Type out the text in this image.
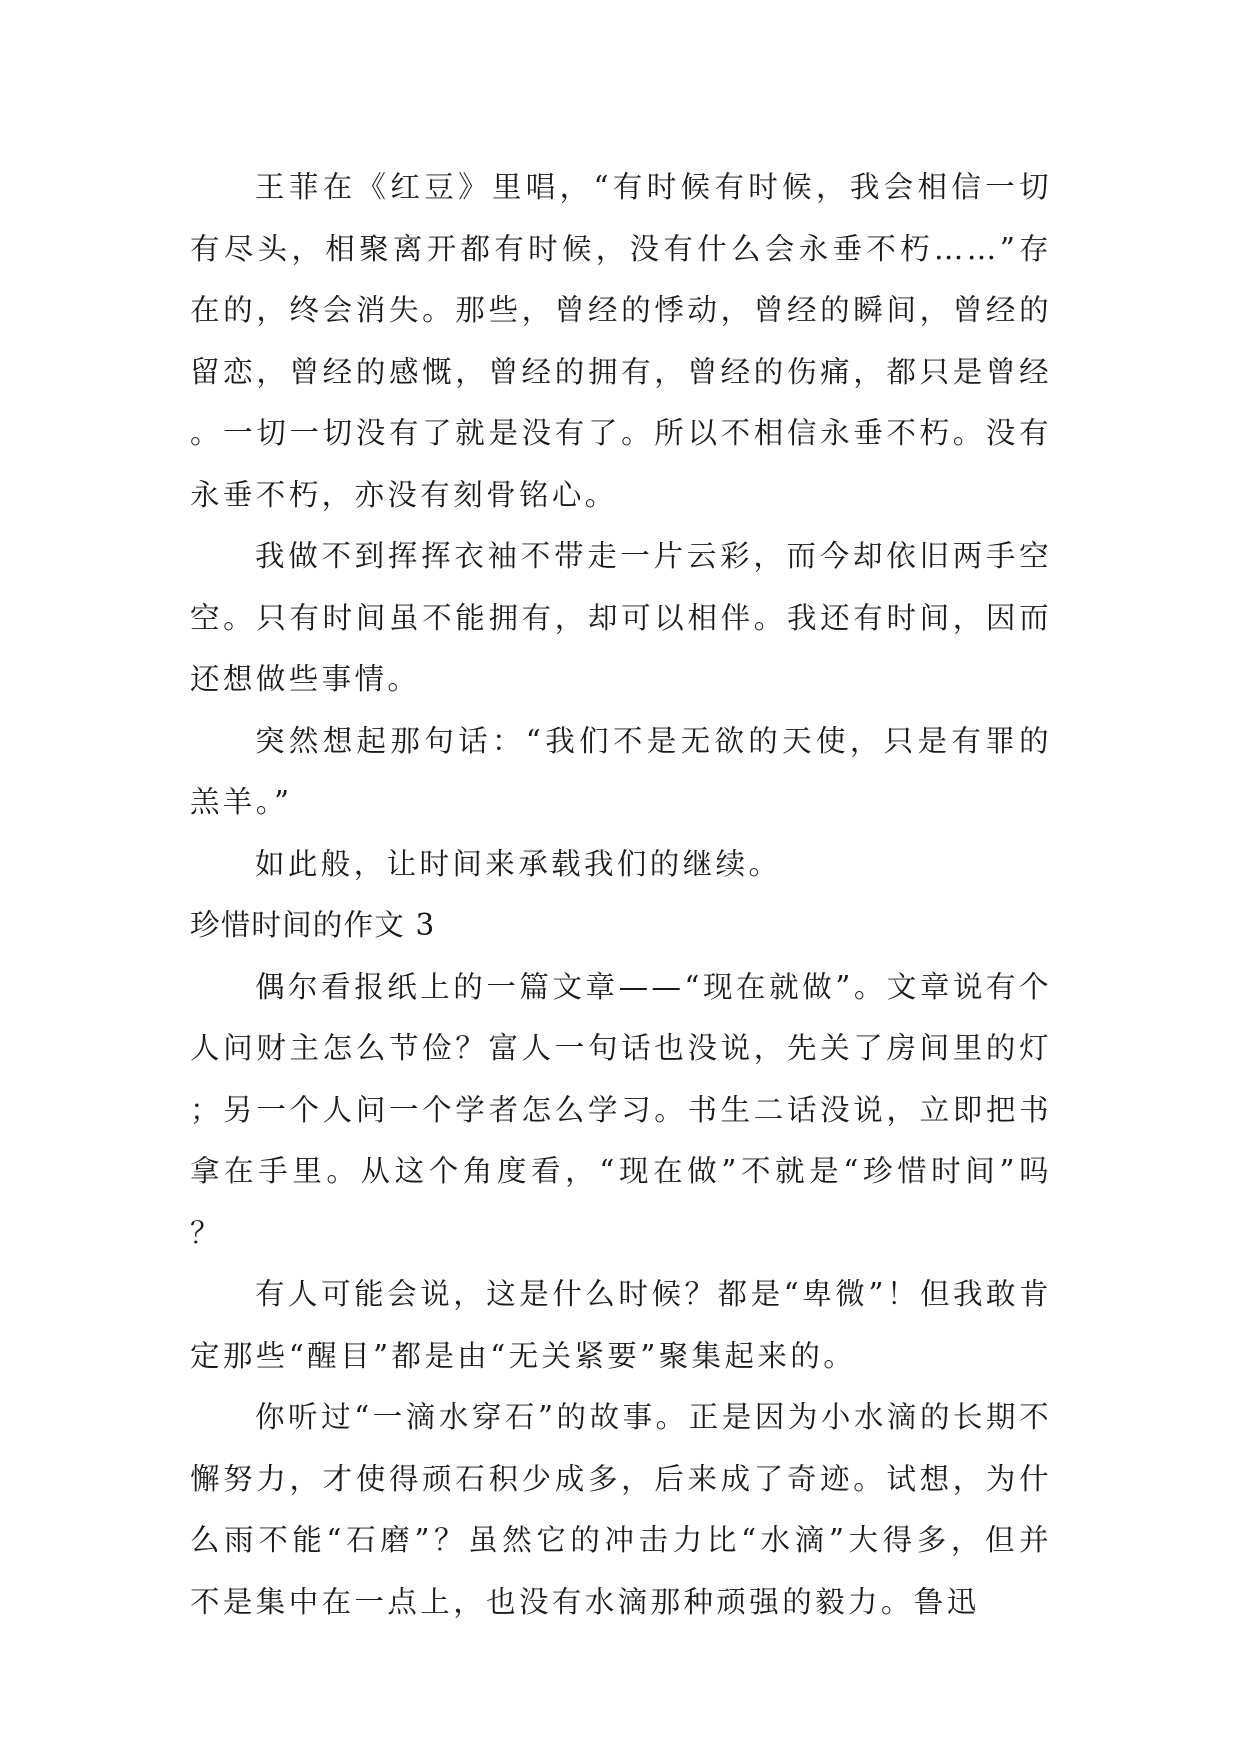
王菲在《红豆》里唱，“有时候有时候，我会相信一切有尽头，相聚离开都有时候，没有什么会永垂不朽……”存在的，终会消失。那些，曾经的悸动，曾经的瞬间，曾经的留恋，曾经的感慨，曾经的拥有，曾经的伤痛，都只是曾经。一切一切没有了就是没有了。所以不相信永垂不朽。没有永垂不朽，亦没有刻骨铭心。

我做不到挥挥衣袖不带走一片云彩，而今却依旧两手空空。只有时间虽不能拥有，却可以相伴。我还有时间，因而还想做些事情。

突然想起那句话：“我们不是无欲的天使，只是有罪的羔羊。”

如此般，让时间来承载我们的继续。

珍惜时间的作文 3

偶尔看报纸上的一篇文章——“现在就做”。文章说有个人问财主怎么节俭？富人一句话也没说，先关了房间里的灯；另一个人问一个学者怎么学习。书生二话没说，立即把书拿在手里。从这个角度看，“现在做”不就是“珍惜时间”吗？

有人可能会说，这是什么时候？都是“卑微”！但我敢肯定那些“醒目”都是由“无关紧要”聚集起来的。

你听过“一滴水穿石”的故事。正是因为小水滴的长期不懈努力，才使得顽石积少成多，后来成了奇迹。试想，为什么雨不能“石磨”？虽然它的冲击力比“水滴”大得多，但并不是集中在一点上，也没有水滴那种顽强的毅力。鲁迅
